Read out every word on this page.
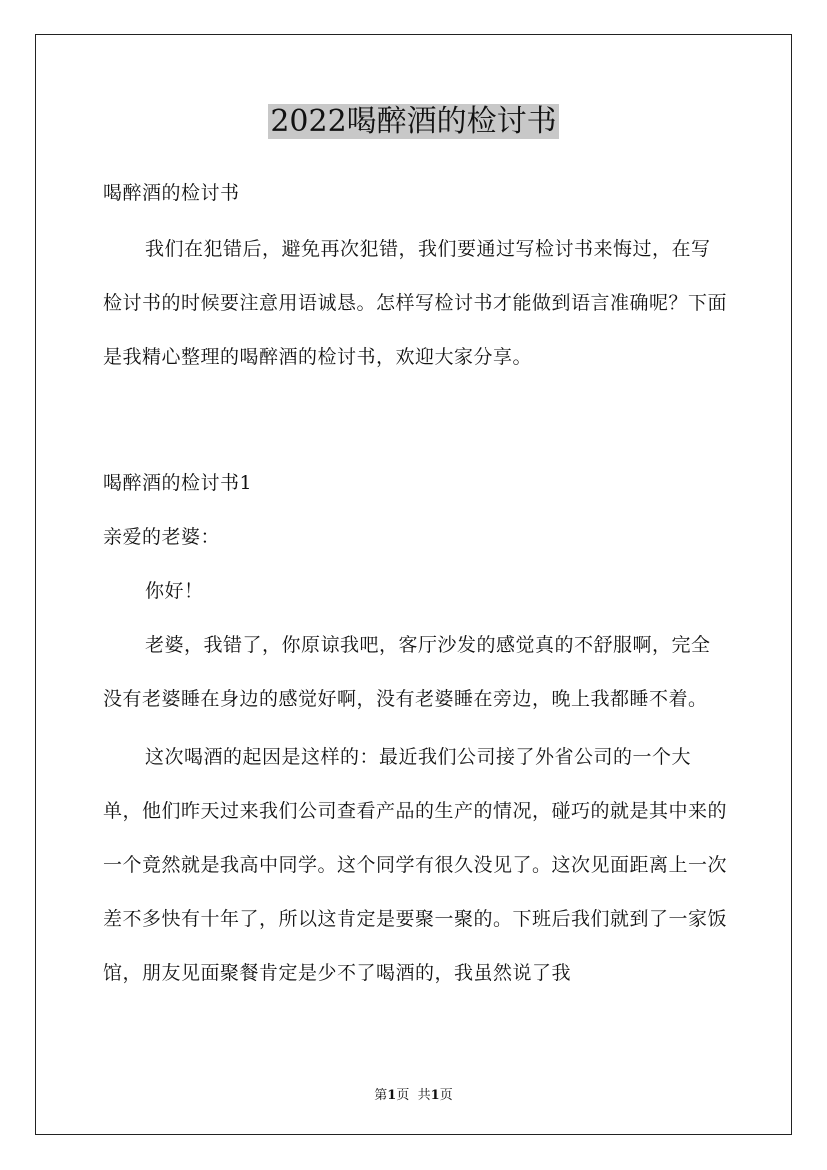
2022喝醉酒的检讨书

喝醉酒的检讨书

我们在犯错后，避免再次犯错，我们要通过写检讨书来悔过，在写检讨书的时候要注意用语诚恳。怎样写检讨书才能做到语言准确呢？下面是我精心整理的喝醉酒的检讨书，欢迎大家分享。

喝醉酒的检讨书1

亲爱的老婆：

你好！

老婆，我错了，你原谅我吧，客厅沙发的感觉真的不舒服啊，完全没有老婆睡在身边的感觉好啊，没有老婆睡在旁边，晚上我都睡不着。

这次喝酒的起因是这样的：最近我们公司接了外省公司的一个大单，他们昨天过来我们公司查看产品的生产的情况，碰巧的就是其中来的一个竟然就是我高中同学。这个同学有很久没见了。这次见面距离上一次差不多快有十年了，所以这肯定是要聚一聚的。下班后我们就到了一家饭馆，朋友见面聚餐肯定是少不了喝酒的，我虽然说了我

第1页 共1页
